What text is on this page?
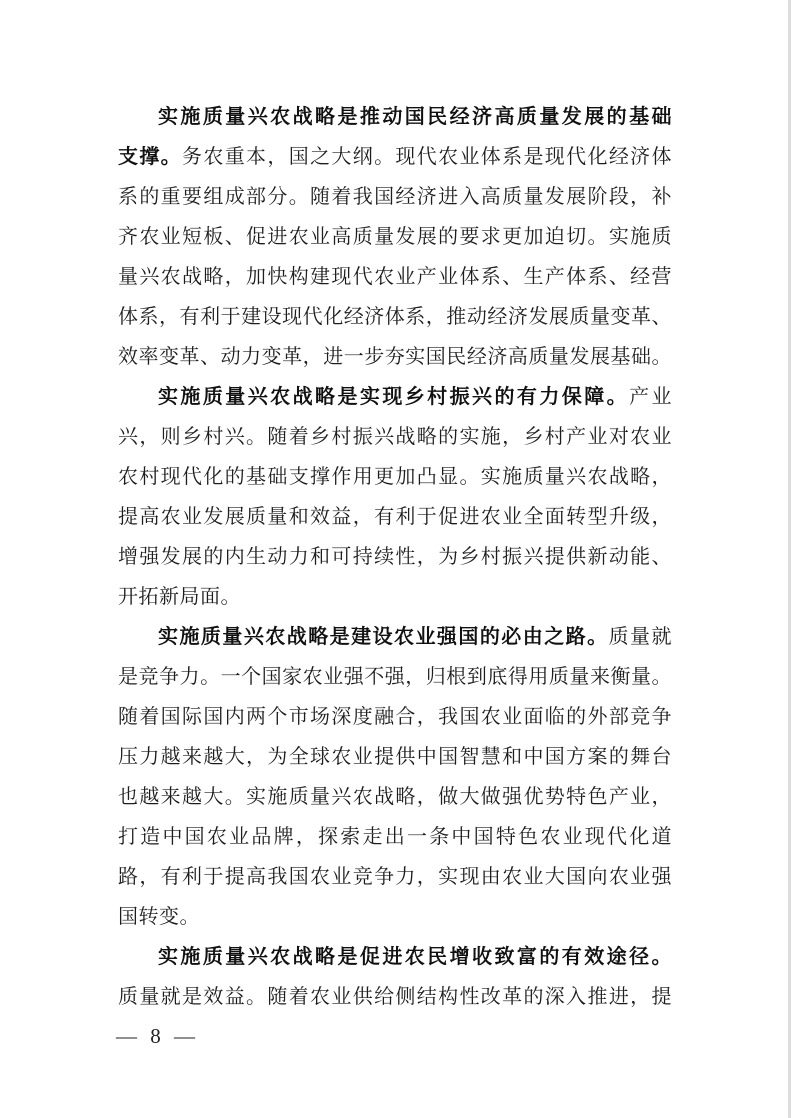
实施质量兴农战略是推动国民经济高质量发展的基础
支撑。务农重本，国之大纲。现代农业体系是现代化经济体
系的重要组成部分。随着我国经济进入高质量发展阶段，补
齐农业短板、促进农业高质量发展的要求更加迫切。实施质
量兴农战略，加快构建现代农业产业体系、生产体系、经营
体系，有利于建设现代化经济体系，推动经济发展质量变革、
效率变革、动力变革，进一步夯实国民经济高质量发展基础。
实施质量兴农战略是实现乡村振兴的有力保障。产业
兴，则乡村兴。随着乡村振兴战略的实施，乡村产业对农业
农村现代化的基础支撑作用更加凸显。实施质量兴农战略，
提高农业发展质量和效益，有利于促进农业全面转型升级，
增强发展的内生动力和可持续性，为乡村振兴提供新动能、
开拓新局面。
实施质量兴农战略是建设农业强国的必由之路。质量就
是竞争力。一个国家农业强不强，归根到底得用质量来衡量。
随着国际国内两个市场深度融合，我国农业面临的外部竞争
压力越来越大，为全球农业提供中国智慧和中国方案的舞台
也越来越大。实施质量兴农战略，做大做强优势特色产业，
打造中国农业品牌，探索走出一条中国特色农业现代化道
路，有利于提高我国农业竞争力，实现由农业大国向农业强
国转变。
实施质量兴农战略是促进农民增收致富的有效途径。
质量就是效益。随着农业供给侧结构性改革的深入推进，提
— 8 —
